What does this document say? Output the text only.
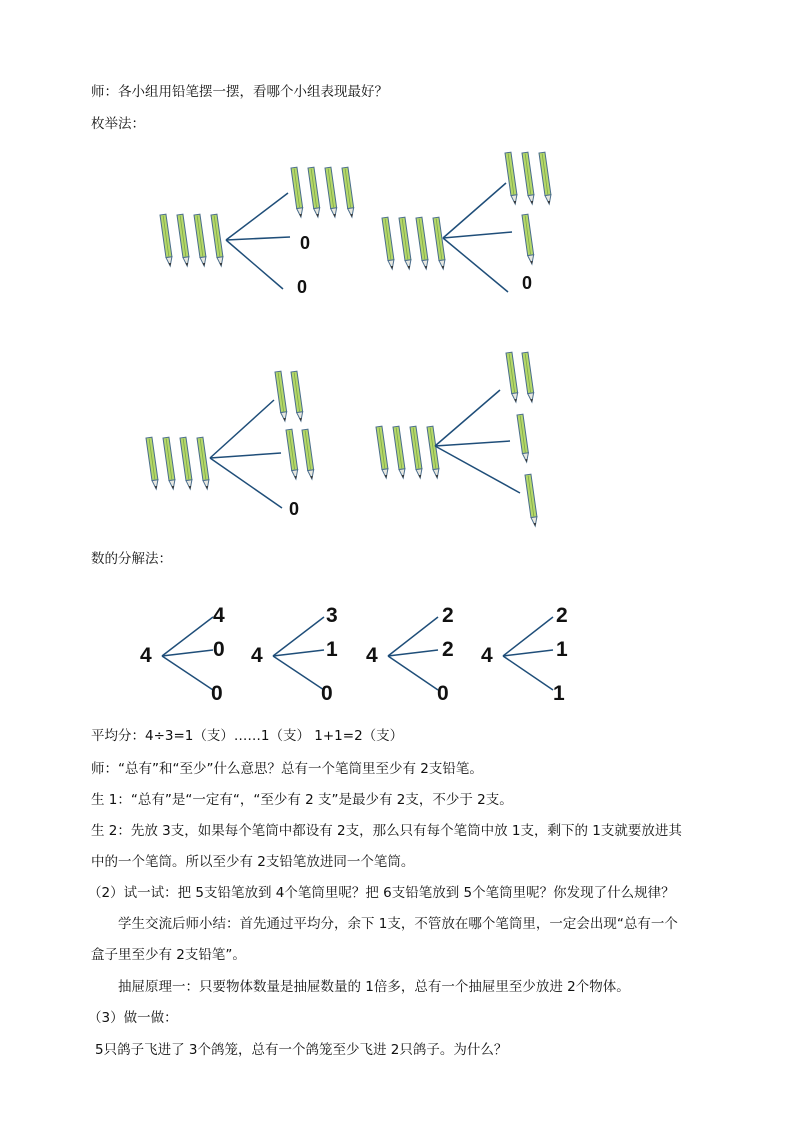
师：各小组用铅笔摆一摆，看哪个小组表现最好？
枚举法：
0
0	0
0
数的分解法：
4
4
0
0
4
3
1
0
4
2
2
0
4
2
1
1
平均分：4÷3=1（支）……1（支） 1+1=2（支）
师：“总有”和“至少”什么意思？总有一个笔筒里至少有 2支铅笔。
生 1：“总有”是“一定有“，“至少有 2 支”是最少有 2支，不少于 2支。
生 2：先放 3支，如果每个笔筒中都设有 2支，那么只有每个笔筒中放 1支，剩下的 1支就要放进其
中的一个笔筒。所以至少有 2支铅笔放进同一个笔筒。
（2）试一试：把 5支铅笔放到 4个笔筒里呢？把 6支铅笔放到 5个笔筒里呢？你发现了什么规律？
学生交流后师小结：首先通过平均分，余下 1支，不管放在哪个笔筒里，一定会出现“总有一个
盒子里至少有 2支铅笔”。
抽屉原理一：只要物体数量是抽屉数量的 1倍多，总有一个抽屉里至少放进 2个物体。
（3）做一做：
5只鸽子飞进了 3个鸽笼，总有一个鸽笼至少飞进 2只鸽子。为什么？
